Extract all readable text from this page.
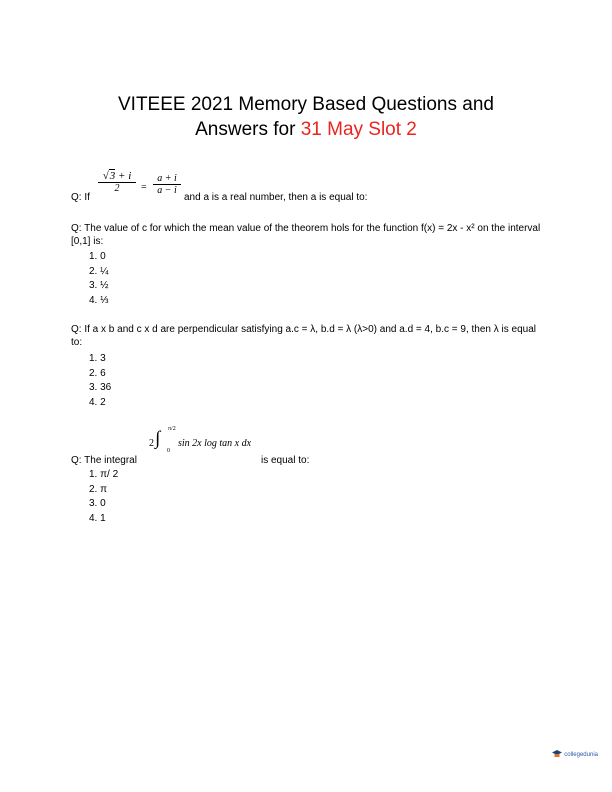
VITEEE 2021 Memory Based Questions and
Answers for 31 May Slot 2
Q: If
√3 + i
2	=
a + i
a − i
and a is a real number, then a is equal to:
Q: The value of c for which the mean value of the theorem hols for the function f(x) = 2x - x² on the interval [0,1] is:
1. 0
2. ¼
3. ½
4. ⅓
Q: If a x b and c x d are perpendicular satisfying a.c = λ, b.d = λ (λ>0) and a.d = 4, b.c = 9, then λ is equal to:
1. 3
2. 6
3. 36
4. 2
Q: The integral
2 ∫ π/2
0
sin 2x log tan x dx
is equal to:
1. π/ 2
2. π
3. 0
4. 1
collegedunia
